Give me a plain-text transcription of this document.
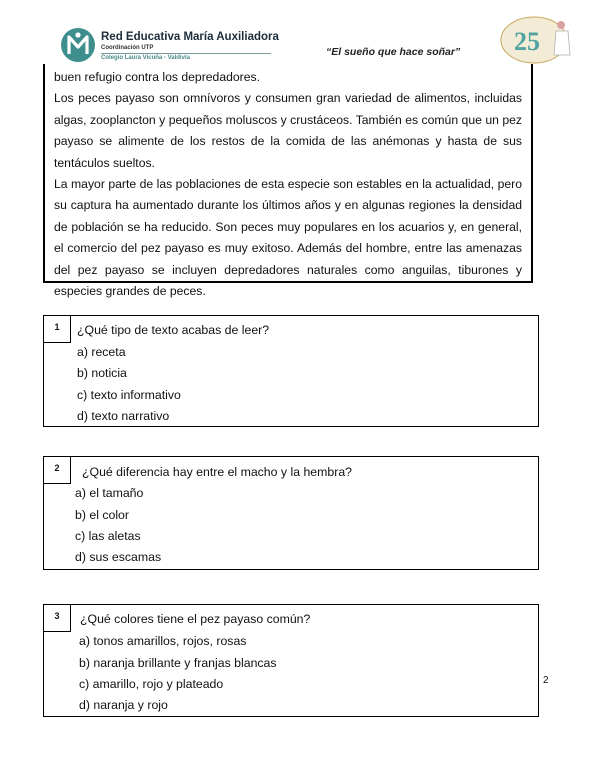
Red Educativa María Auxiliadora
Coordinación UTP
Colegio Laura Vicuña - Valdivia	“El sueño que hace soñar” 25

buen refugio contra los depredadores.

Los peces payaso son omnívoros y consumen gran variedad de alimentos, incluidas algas, zooplancton y pequeños moluscos y crustáceos. También es común que un pez payaso se alimente de los restos de la comida de las anémonas y hasta de sus tentáculos sueltos.

La mayor parte de las poblaciones de esta especie son estables en la actualidad, pero su captura ha aumentado durante los últimos años y en algunas regiones la densidad de población se ha reducido. Son peces muy populares en los acuarios y, en general, el comercio del pez payaso es muy exitoso. Además del hombre, entre las amenazas del pez payaso se incluyen depredadores naturales como anguilas, tiburones y especies grandes de peces.

1	¿Qué tipo de texto acabas de leer?
a) receta
b) noticia
c) texto informativo
d) texto narrativo
2	¿Qué diferencia hay entre el macho y la hembra?
a) el tamaño
b) el color
c) las aletas
d) sus escamas
3	¿Qué colores tiene el pez payaso común?
a) tonos amarillos, rojos, rosas
b) naranja brillante y franjas blancas
c) amarillo, rojo y plateado
d) naranja y rojo
2
